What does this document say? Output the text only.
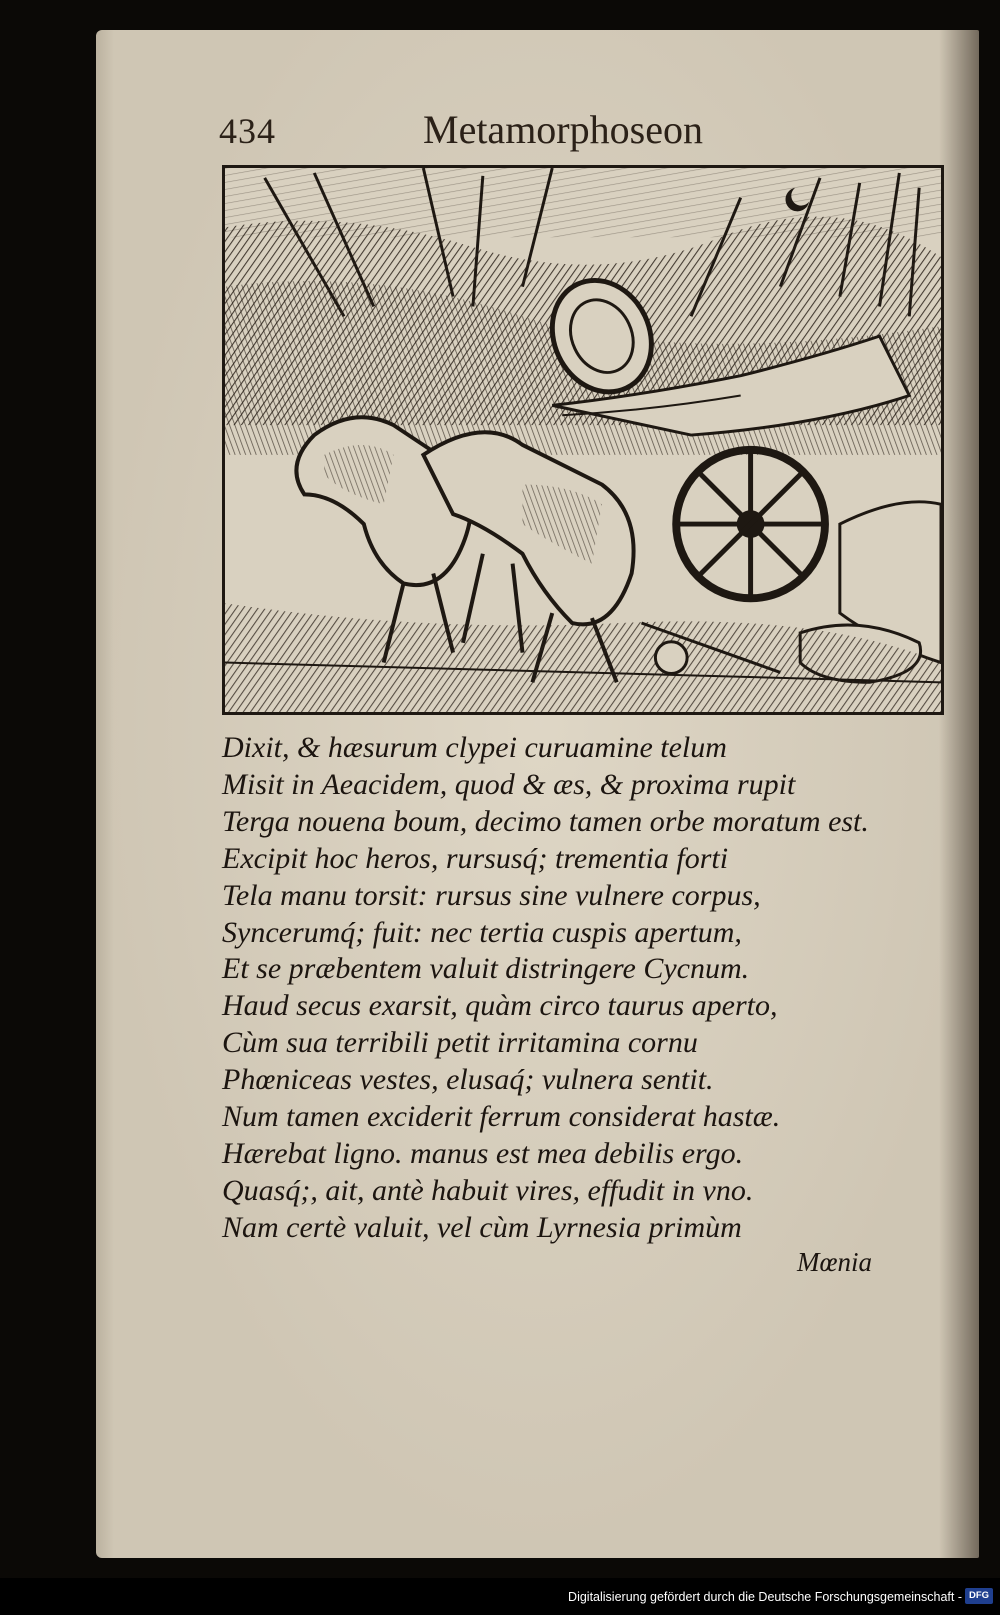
434	Metamorphoseon
Dixit, & hæsurum clypei curuamine telum
Misit in Aeacidem, quod & æs, & proxima rupit
Terga nouena boum, decimo tamen orbe moratum est.
Excipit hoc heros, rursusq́; trementia forti
Tela manu torsit: rursus sine vulnere corpus,
Syncerumq́; fuit: nec tertia cuspis apertum,
Et se præbentem valuit distringere Cycnum.
Haud secus exarsit, quàm circo taurus aperto,
Cùm sua terribili petit irritamina cornu
Phœniceas vestes, elusaq́; vulnera sentit.
Num tamen exciderit ferrum considerat hastæ.
Hærebat ligno. manus est mea debilis ergo.
Quasq́;, ait, antè habuit vires, effudit in vno.
Nam certè valuit, vel cùm Lyrnesia primùm
Mœnia
Digitalisierung gefördert durch die Deutsche Forschungsgemeinschaft - DFG
